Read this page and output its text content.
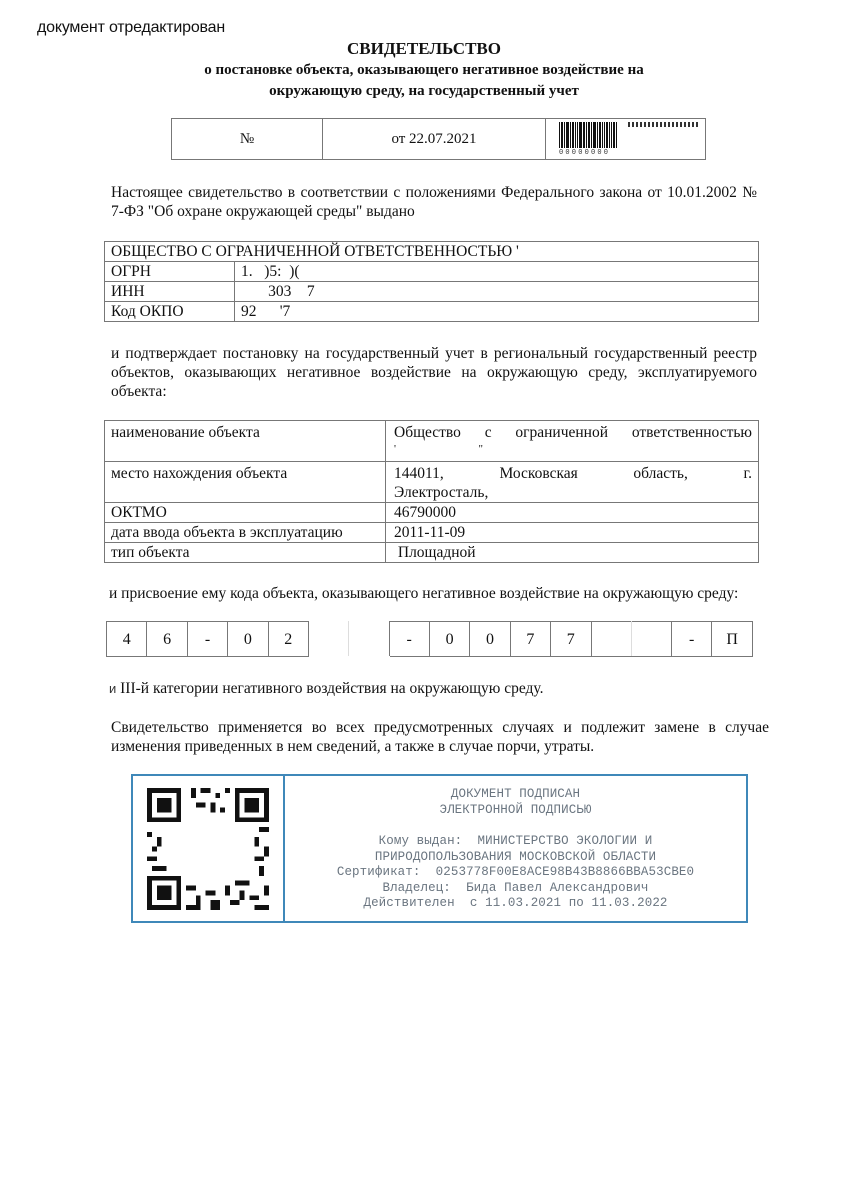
документ отредактирован
СВИДЕТЕЛЬСТВО
о постановке объекта, оказывающего негативное воздействие на
окружающую среду, на государственный учет
№	от 22.07.2021
00000000
Настоящее свидетельство в соответствии с положениями Федерального закона от 10.01.2002 № 7-ФЗ "Об охране окружающей среды" выдано
ОБЩЕСТВО С ОГРАНИЧЕННОЙ ОТВЕТСТВЕННОСТЬЮ '	
ОГРН	1.   )5:  )(
ИНН	303    7
Код ОКПО	92      '7
и подтверждает постановку на государственный учет в региональный государственный реестр объектов, оказывающих негативное воздействие на окружающую среду, эксплуатируемого объекта:
наименование объекта	Общество с ограниченной ответственностью
'                              "

место нахождения объекта	144011, Московская область, г.
Электросталь,

ОКТМО	46790000
дата ввода объекта в эксплуатацию	2011-11-09
тип объекта	Площадной
и присвоение ему кода объекта, оказывающего негативное воздействие на окружающую среду:
4	6	-	0	2			-	0	0	7	7			-	П
и III-й категории негативного воздействия на окружающую среду.
Свидетельство применяется во всех предусмотренных случаях и подлежит замене в случае изменения приведенных в нем сведений, а также в случае порчи, утраты.
ДОКУМЕНТ ПОДПИСАН
ЭЛЕКТРОННОЙ ПОДПИСЬЮ
Кому выдан:  МИНИСТЕРСТВО ЭКОЛОГИИ И
ПРИРОДОПОЛЬЗОВАНИЯ МОСКОВСКОЙ ОБЛАСТИ
Сертификат:  0253778F00E8ACE98B43B8866BBA53CBE0
Владелец:  Бида Павел Александрович
Действителен  с 11.03.2021 по 11.03.2022
